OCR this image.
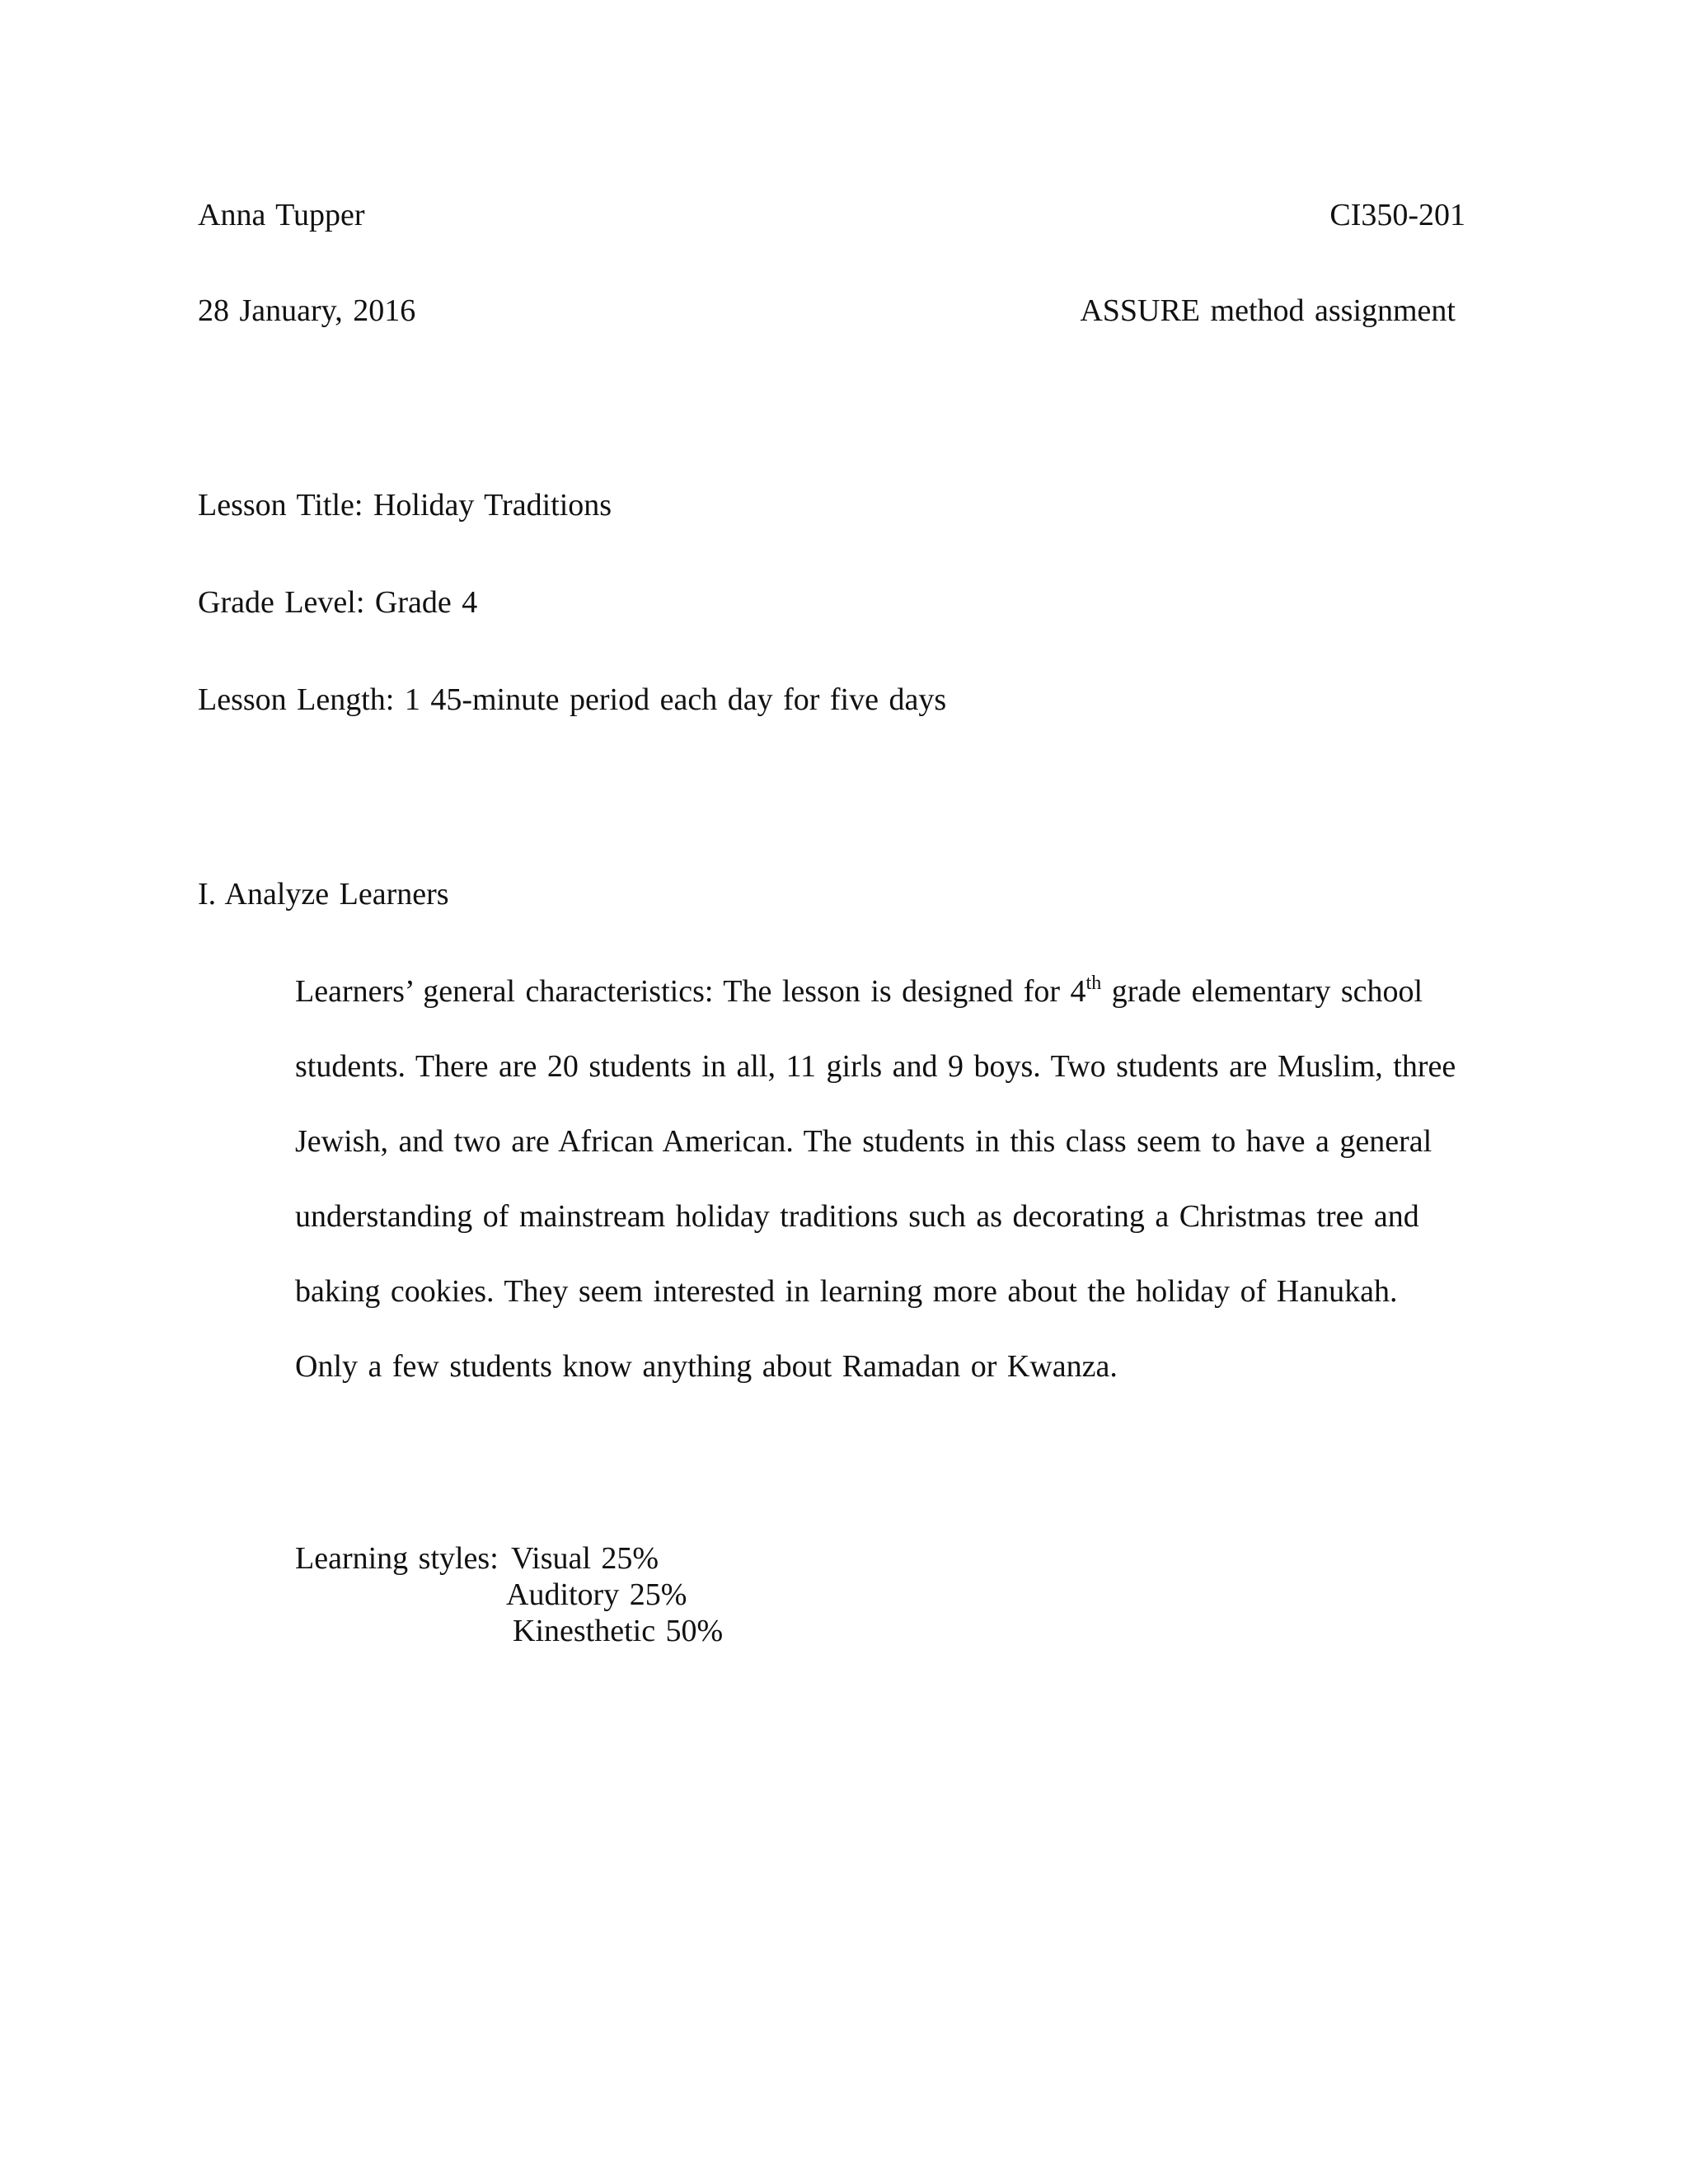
Anna Tupper	CI350-201
28 January, 2016	ASSURE method assignment
Lesson Title: Holiday Traditions
Grade Level: Grade 4
Lesson Length: 1 45-minute period each day for five days
I. Analyze Learners
Learners’ general characteristics: The lesson is designed for 4th grade elementary school
students. There are 20 students in all, 11 girls and 9 boys. Two students are Muslim, three
Jewish, and two are African American. The students in this class seem to have a general
understanding of mainstream holiday traditions such as decorating a Christmas tree and
baking cookies. They seem interested in learning more about the holiday of Hanukah.
Only a few students know anything about Ramadan or Kwanza.
Learning styles: Visual 25%
Auditory 25%
Kinesthetic 50%
